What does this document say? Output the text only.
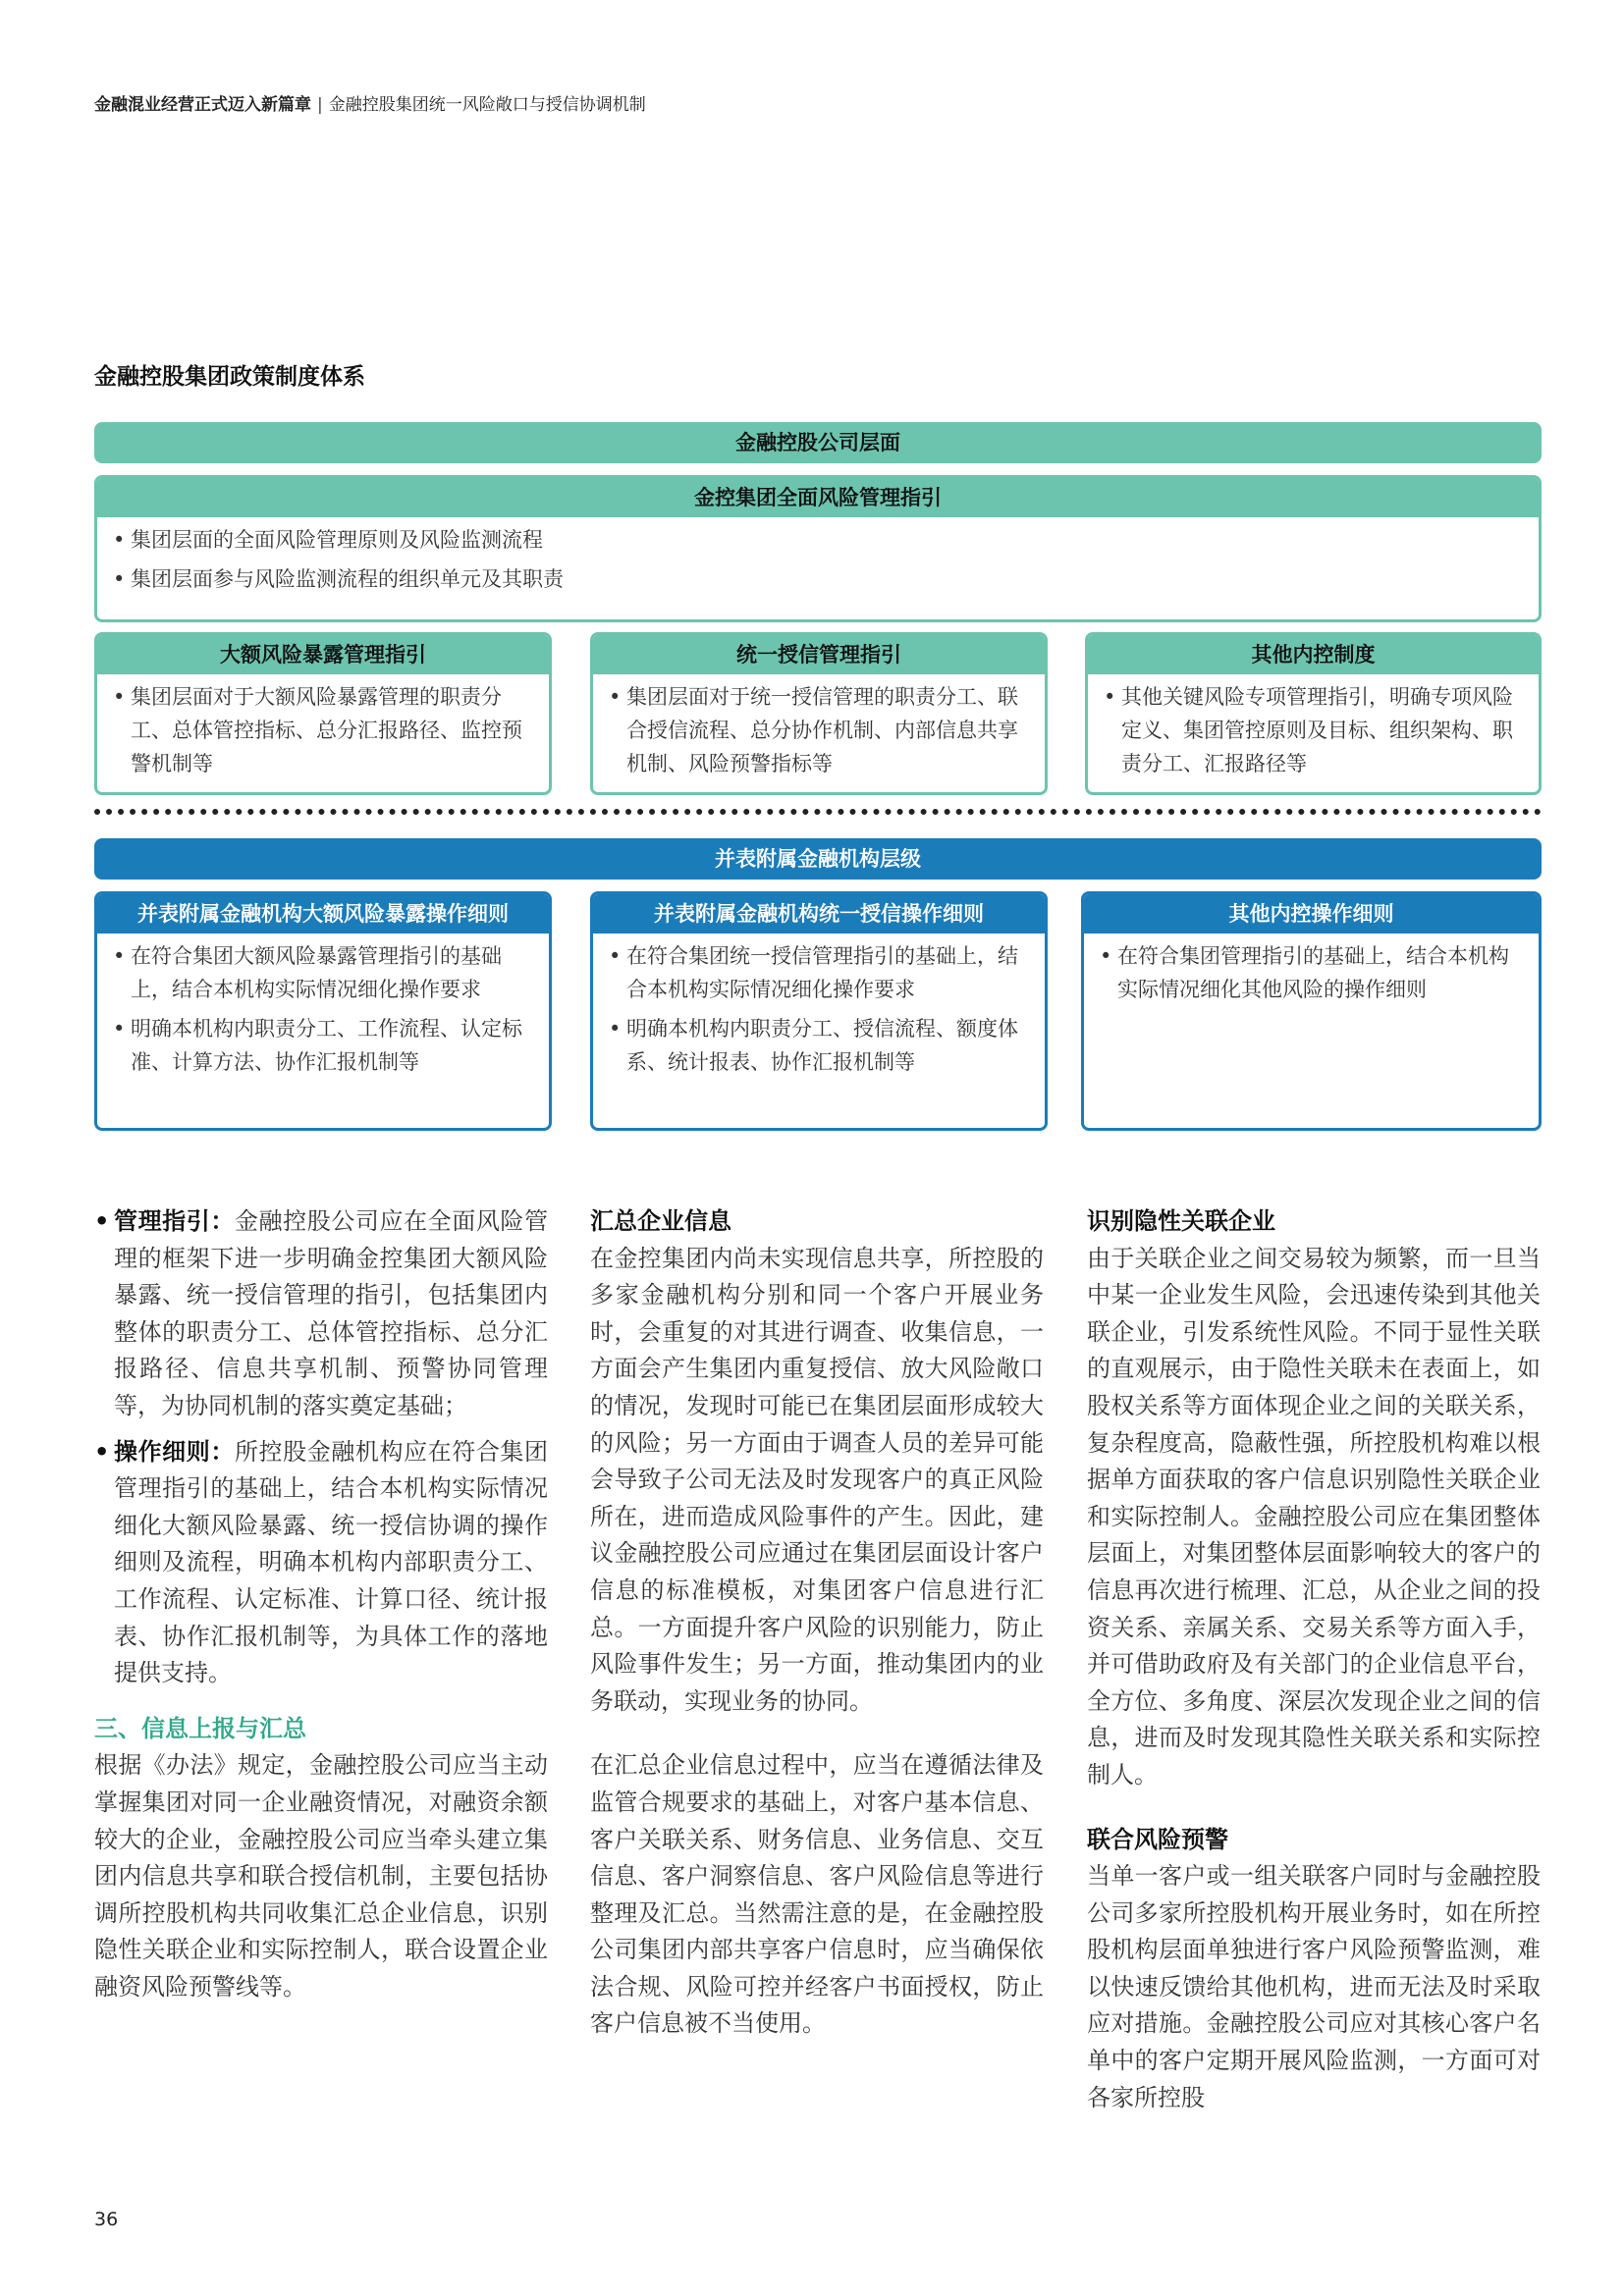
金融混业经营正式迈入新篇章 | 金融控股集团统一风险敞口与授信协调机制
金融控股集团政策制度体系
金融控股公司层面
金控集团全面风险管理指引
• 集团层面的全面风险管理原则及风险监测流程
• 集团层面参与风险监测流程的组织单元及其职责
大额风险暴露管理指引
• 集团层面对于大额风险暴露管理的职责分工、总体管控指标、总分汇报路径、监控预警机制等
统一授信管理指引
• 集团层面对于统一授信管理的职责分工、联合授信流程、总分协作机制、内部信息共享机制、风险预警指标等
其他内控制度
• 其他关键风险专项管理指引，明确专项风险定义、集团管控原则及目标、组织架构、职责分工、汇报路径等
并表附属金融机构层级
并表附属金融机构大额风险暴露操作细则
• 在符合集团大额风险暴露管理指引的基础上，结合本机构实际情况细化操作要求
• 明确本机构内职责分工、工作流程、认定标准、计算方法、协作汇报机制等
并表附属金融机构统一授信操作细则
• 在符合集团统一授信管理指引的基础上，结合本机构实际情况细化操作要求
• 明确本机构内职责分工、授信流程、额度体系、统计报表、协作汇报机制等
其他内控操作细则
• 在符合集团管理指引的基础上，结合本机构实际情况细化其他风险的操作细则

• 管理指引：金融控股公司应在全面风险管理的框架下进一步明确金控集团大额风险暴露、统一授信管理的指引，包括集团内整体的职责分工、总体管控指标、总分汇报路径、信息共享机制、预警协同管理等，为协同机制的落实奠定基础；

• 操作细则：所控股金融机构应在符合集团管理指引的基础上，结合本机构实际情况细化大额风险暴露、统一授信协调的操作细则及流程，明确本机构内部职责分工、工作流程、认定标准、计算口径、统计报表、协作汇报机制等，为具体工作的落地提供支持。

三、信息上报与汇总

根据《办法》规定，金融控股公司应当主动掌握集团对同一企业融资情况，对融资余额较大的企业，金融控股公司应当牵头建立集团内信息共享和联合授信机制，主要包括协调所控股机构共同收集汇总企业信息，识别隐性关联企业和实际控制人，联合设置企业融资风险预警线等。

汇总企业信息

在金控集团内尚未实现信息共享，所控股的多家金融机构分别和同一个客户开展业务时，会重复的对其进行调查、收集信息，一方面会产生集团内重复授信、放大风险敞口的情况，发现时可能已在集团层面形成较大的风险；另一方面由于调查人员的差异可能会导致子公司无法及时发现客户的真正风险所在，进而造成风险事件的产生。因此，建议金融控股公司应通过在集团层面设计客户信息的标准模板，对集团客户信息进行汇总。一方面提升客户风险的识别能力，防止风险事件发生；另一方面，推动集团内的业务联动，实现业务的协同。

在汇总企业信息过程中，应当在遵循法律及监管合规要求的基础上，对客户基本信息、客户关联关系、财务信息、业务信息、交互信息、客户洞察信息、客户风险信息等进行整理及汇总。当然需注意的是，在金融控股公司集团内部共享客户信息时，应当确保依法合规、风险可控并经客户书面授权，防止客户信息被不当使用。

识别隐性关联企业

由于关联企业之间交易较为频繁，而一旦当中某一企业发生风险，会迅速传染到其他关联企业，引发系统性风险。不同于显性关联的直观展示，由于隐性关联未在表面上，如股权关系等方面体现企业之间的关联关系，复杂程度高，隐蔽性强，所控股机构难以根据单方面获取的客户信息识别隐性关联企业和实际控制人。金融控股公司应在集团整体层面上，对集团整体层面影响较大的客户的信息再次进行梳理、汇总，从企业之间的投资关系、亲属关系、交易关系等方面入手，并可借助政府及有关部门的企业信息平台，全方位、多角度、深层次发现企业之间的信息，进而及时发现其隐性关联关系和实际控制人。

联合风险预警

当单一客户或一组关联客户同时与金融控股公司多家所控股机构开展业务时，如在所控股机构层面单独进行客户风险预警监测，难以快速反馈给其他机构，进而无法及时采取应对措施。金融控股公司应对其核心客户名单中的客户定期开展风险监测，一方面可对各家所控股

36
